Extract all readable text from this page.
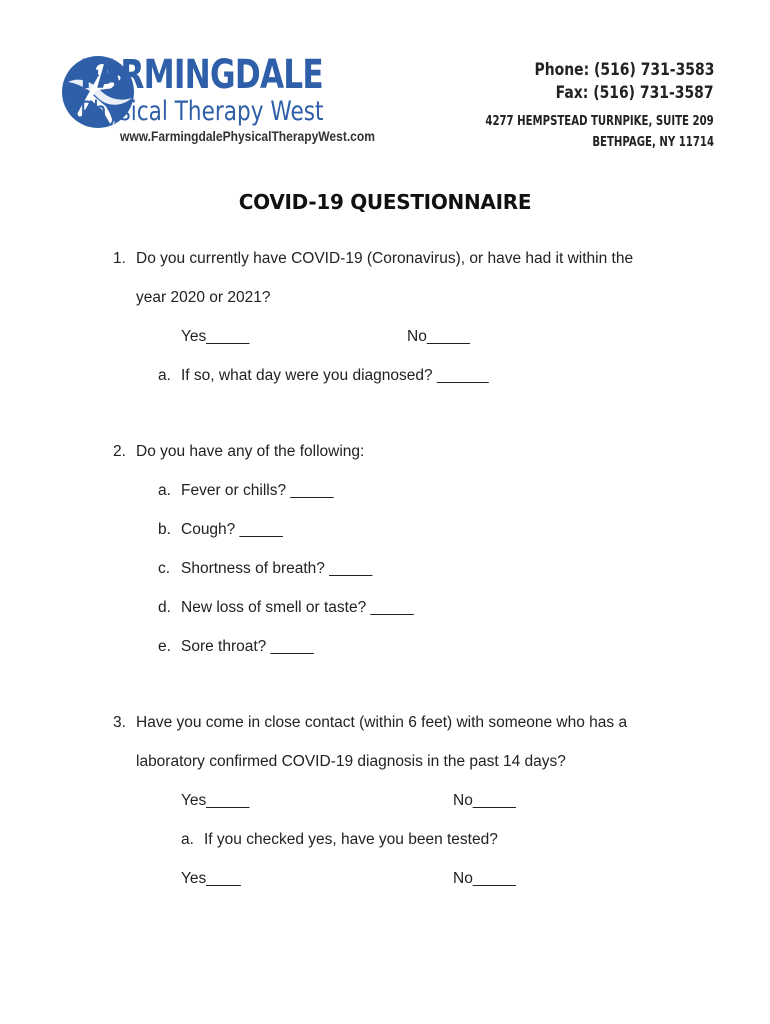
FARMINGDALE
Physical Therapy West
www.FarmingdalePhysicalTherapyWest.com
Phone: (516) 731-3583
Fax: (516) 731-3587
4277 HEMPSTEAD TURNPIKE, SUITE 209
BETHPAGE, NY 11714
COVID-19 QUESTIONNAIRE
1. Do you currently have COVID-19 (Coronavirus), or have had it within the
year 2020 or 2021?
Yes_____	No_____
a. If so, what day were you diagnosed? ______
2. Do you have any of the following:
a. Fever or chills? _____
b. Cough? _____
c. Shortness of breath? _____
d. New loss of smell or taste? _____
e. Sore throat? _____
3. Have you come in close contact (within 6 feet) with someone who has a
laboratory confirmed COVID-19 diagnosis in the past 14 days?
Yes_____	No_____
a. If you checked yes, have you been tested?
Yes____	No_____
